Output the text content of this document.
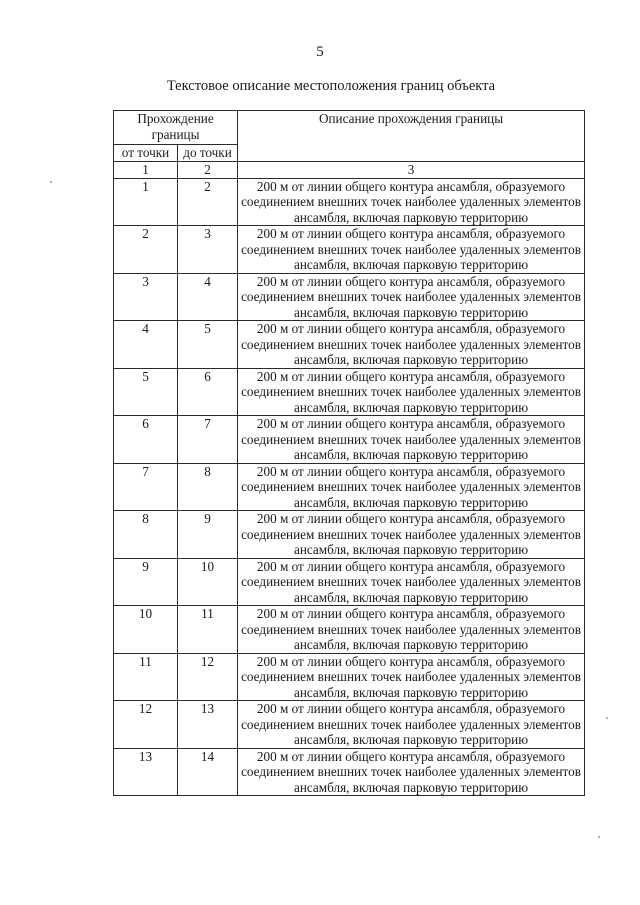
5
Текстовое описание местоположения границ объекта
Прохождение границы		Описание прохождения границы
от точки	до точки	
1	2	3
1	2	200 м от линии общего контура ансамбля, образуемого соединением внешних точек наиболее удаленных элементов ансамбля, включая парковую территорию
2	3	200 м от линии общего контура ансамбля, образуемого соединением внешних точек наиболее удаленных элементов ансамбля, включая парковую территорию
3	4	200 м от линии общего контура ансамбля, образуемого соединением внешних точек наиболее удаленных элементов ансамбля, включая парковую территорию
4	5	200 м от линии общего контура ансамбля, образуемого соединением внешних точек наиболее удаленных элементов ансамбля, включая парковую территорию
5	6	200 м от линии общего контура ансамбля, образуемого соединением внешних точек наиболее удаленных элементов ансамбля, включая парковую территорию
6	7	200 м от линии общего контура ансамбля, образуемого соединением внешних точек наиболее удаленных элементов ансамбля, включая парковую территорию
7	8	200 м от линии общего контура ансамбля, образуемого соединением внешних точек наиболее удаленных элементов ансамбля, включая парковую территорию
8	9	200 м от линии общего контура ансамбля, образуемого соединением внешних точек наиболее удаленных элементов ансамбля, включая парковую территорию
9	10	200 м от линии общего контура ансамбля, образуемого соединением внешних точек наиболее удаленных элементов ансамбля, включая парковую территорию
10	11	200 м от линии общего контура ансамбля, образуемого соединением внешних точек наиболее удаленных элементов ансамбля, включая парковую территорию
11	12	200 м от линии общего контура ансамбля, образуемого соединением внешних точек наиболее удаленных элементов ансамбля, включая парковую территорию
12	13	200 м от линии общего контура ансамбля, образуемого соединением внешних точек наиболее удаленных элементов ансамбля, включая парковую территорию
13	14	200 м от линии общего контура ансамбля, образуемого соединением внешних точек наиболее удаленных элементов ансамбля, включая парковую территорию
